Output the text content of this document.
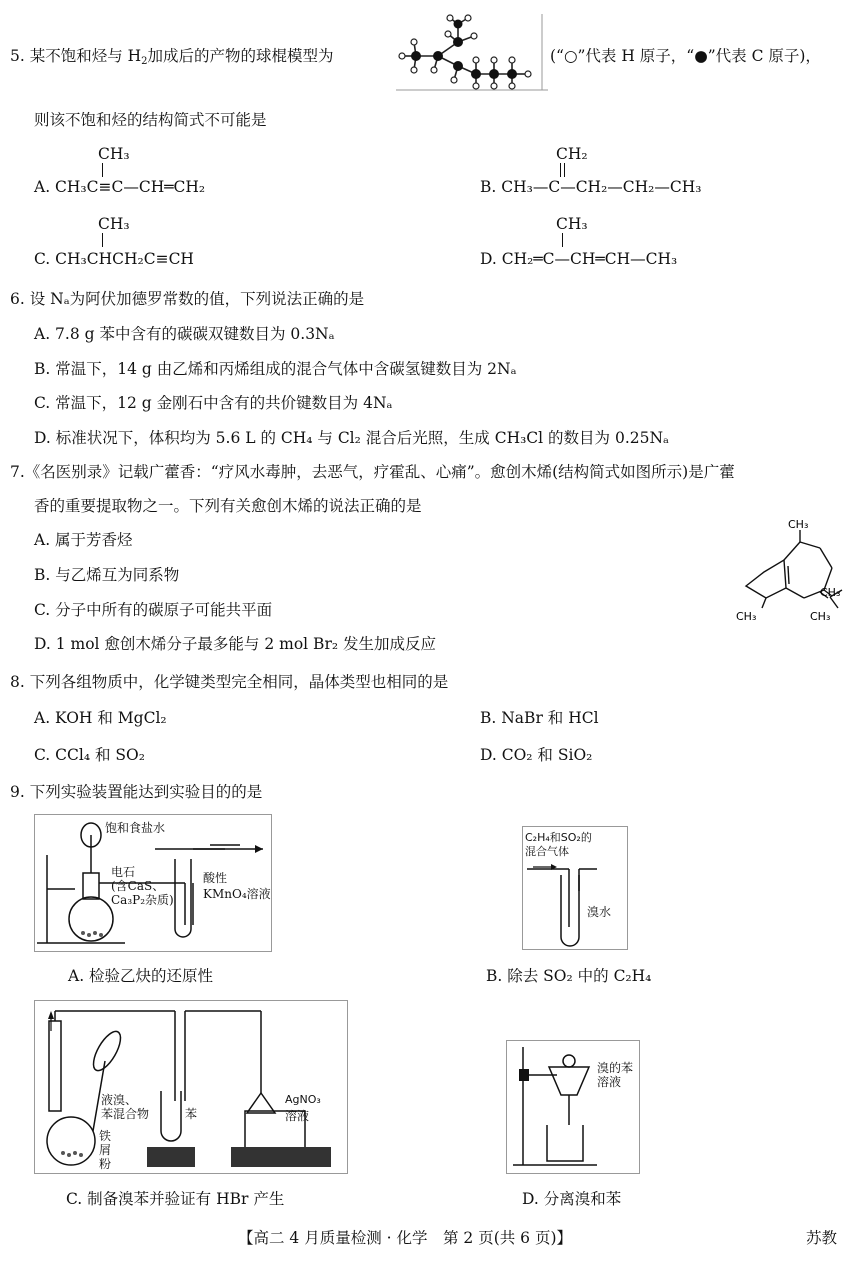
5. 某不饱和烃与 $H_2$加成后的产物的球棍模型为	(“○”代表 H 原子，“●”代表 C 原子)，
则该不饱和烃的结构简式不可能是
CH₃
A. CH₃C≡C—CH═CH₂
CH₂
B. CH₃—C—CH₂—CH₂—CH₃
CH₃
C. CH₃CHCH₂C≡CH
CH₃
D. CH₂═C—CH═CH—CH₃
6. 设 Nₐ为阿伏加德罗常数的值，下列说法正确的是
A. 7.8 g 苯中含有的碳碳双键数目为 0.3Nₐ
B. 常温下，14 g 由乙烯和丙烯组成的混合气体中含碳氢键数目为 2Nₐ
C. 常温下，12 g 金刚石中含有的共价键数目为 4Nₐ
D. 标准状况下，体积均为 5.6 L 的 CH₄ 与 Cl₂ 混合后光照，生成 CH₃Cl 的数目为 0.25Nₐ
7.《名医别录》记载广藿香：“疗风水毒肿，去恶气，疗霍乱、心痛”。愈创木烯(结构简式如图所示)是广藿
香的重要提取物之一。下列有关愈创木烯的说法正确的是
A. 属于芳香烃
B. 与乙烯互为同系物
C. 分子中所有的碳原子可能共平面
D. 1 mol 愈创木烯分子最多能与 2 mol Br₂ 发生加成反应
CH₃
CH₃
CH₃
CH₃
8. 下列各组物质中，化学键类型完全相同，晶体类型也相同的是
A. KOH 和 MgCl₂	B. NaBr 和 HCl
C. CCl₄ 和 SO₂	D. CO₂ 和 SiO₂
9. 下列实验装置能达到实验目的的是
饱和食盐水
电石
(含CaS、
Ca₃P₂杂质)
酸性
KMnO₄溶液
A. 检验乙炔的还原性
C₂H₄和SO₂的
混合气体
溴水
B. 除去 SO₂ 中的 C₂H₄
液溴、
苯混合物
铁
屑
粉
苯
AgNO₃
溶液
C. 制备溴苯并验证有 HBr 产生
溴的苯
溶液
D. 分离溴和苯
【高二 4 月质量检测 · 化学　第 2 页(共 6 页)】	苏教
